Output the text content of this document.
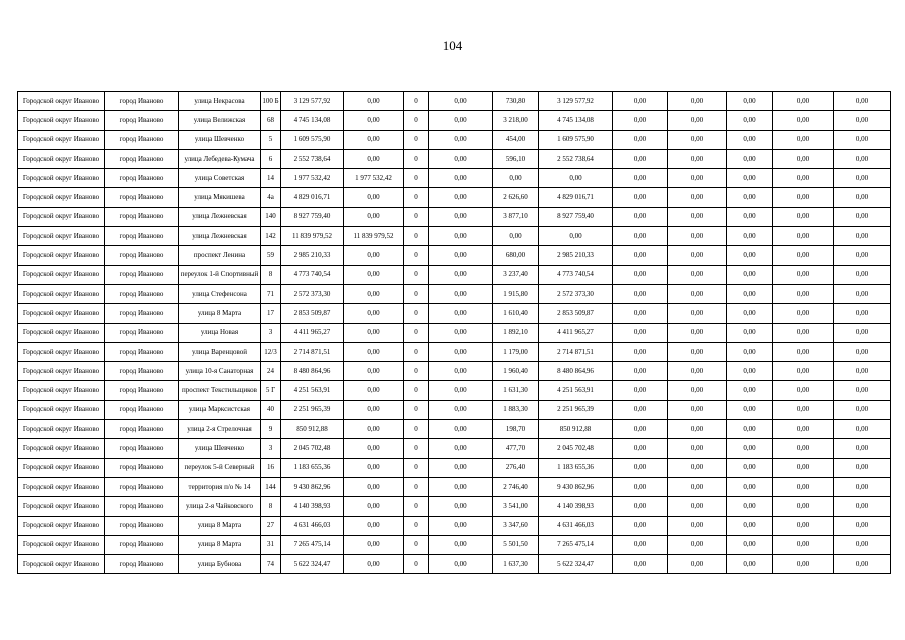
104
Городской округ Иваново	город Иваново	улица Некрасова	100 Б	3 129 577,92	0,00	0	0,00	730,80	3 129 577,92	0,00	0,00	0,00	0,00	0,00

Городской округ Иваново	город Иваново	улица Велижская	68	4 745 134,08	0,00	0	0,00	3 218,00	4 745 134,08	0,00	0,00	0,00	0,00	0,00

Городской округ Иваново	город Иваново	улица Шевченко	5	1 609 575,90	0,00	0	0,00	454,00	1 609 575,90	0,00	0,00	0,00	0,00	0,00

Городской округ Иваново	город Иваново	улица Лебедева-Кумача	6	2 552 738,64	0,00	0	0,00	596,10	2 552 738,64	0,00	0,00	0,00	0,00	0,00

Городской округ Иваново	город Иваново	улица Советская	14	1 977 532,42	1 977 532,42	0	0,00	0,00	0,00	0,00	0,00	0,00	0,00	0,00

Городской округ Иваново	город Иваново	улица Мякишева	4а	4 829 016,71	0,00	0	0,00	2 626,60	4 829 016,71	0,00	0,00	0,00	0,00	0,00

Городской округ Иваново	город Иваново	улица Лежневская	140	8 927 759,40	0,00	0	0,00	3 877,10	8 927 759,40	0,00	0,00	0,00	0,00	0,00

Городской округ Иваново	город Иваново	улица Лежневская	142	11 839 979,52	11 839 979,52	0	0,00	0,00	0,00	0,00	0,00	0,00	0,00	0,00

Городской округ Иваново	город Иваново	проспект Ленина	59	2 985 210,33	0,00	0	0,00	680,00	2 985 210,33	0,00	0,00	0,00	0,00	0,00

Городской округ Иваново	город Иваново	переулок 1-й Спортивный	8	4 773 740,54	0,00	0	0,00	3 237,40	4 773 740,54	0,00	0,00	0,00	0,00	0,00

Городской округ Иваново	город Иваново	улица Стефенсона	71	2 572 373,30	0,00	0	0,00	1 915,80	2 572 373,30	0,00	0,00	0,00	0,00	0,00

Городской округ Иваново	город Иваново	улица 8 Марта	17	2 853 509,87	0,00	0	0,00	1 610,40	2 853 509,87	0,00	0,00	0,00	0,00	0,00

Городской округ Иваново	город Иваново	улица Новая	3	4 411 965,27	0,00	0	0,00	1 892,10	4 411 965,27	0,00	0,00	0,00	0,00	0,00

Городской округ Иваново	город Иваново	улица Варенцовой	12/3	2 714 871,51	0,00	0	0,00	1 179,00	2 714 871,51	0,00	0,00	0,00	0,00	0,00

Городской округ Иваново	город Иваново	улица 10-я Санаторная	24	8 480 864,96	0,00	0	0,00	1 960,40	8 480 864,96	0,00	0,00	0,00	0,00	0,00

Городской округ Иваново	город Иваново	проспект Текстильщиков	5 Г	4 251 563,91	0,00	0	0,00	1 631,30	4 251 563,91	0,00	0,00	0,00	0,00	0,00

Городской округ Иваново	город Иваново	улица Марксистская	40	2 251 965,39	0,00	0	0,00	1 883,30	2 251 965,39	0,00	0,00	0,00	0,00	0,00

Городской округ Иваново	город Иваново	улица 2-я Стрелочная	9	850 912,88	0,00	0	0,00	198,70	850 912,88	0,00	0,00	0,00	0,00	0,00

Городской округ Иваново	город Иваново	улица Шевченко	3	2 045 702,48	0,00	0	0,00	477,70	2 045 702,48	0,00	0,00	0,00	0,00	0,00

Городской округ Иваново	город Иваново	переулок 5-й Северный	16	1 183 655,36	0,00	0	0,00	276,40	1 183 655,36	0,00	0,00	0,00	0,00	0,00

Городской округ Иваново	город Иваново	территория п/о № 14	144	9 430 862,96	0,00	0	0,00	2 746,40	9 430 862,96	0,00	0,00	0,00	0,00	0,00

Городской округ Иваново	город Иваново	улица 2-я Чайковского	8	4 140 398,93	0,00	0	0,00	3 541,00	4 140 398,93	0,00	0,00	0,00	0,00	0,00

Городской округ Иваново	город Иваново	улица 8 Марта	27	4 631 466,03	0,00	0	0,00	3 347,60	4 631 466,03	0,00	0,00	0,00	0,00	0,00

Городской округ Иваново	город Иваново	улица 8 Марта	31	7 265 475,14	0,00	0	0,00	5 501,50	7 265 475,14	0,00	0,00	0,00	0,00	0,00

Городской округ Иваново	город Иваново	улица Бубнова	74	5 622 324,47	0,00	0	0,00	1 637,30	5 622 324,47	0,00	0,00	0,00	0,00	0,00
